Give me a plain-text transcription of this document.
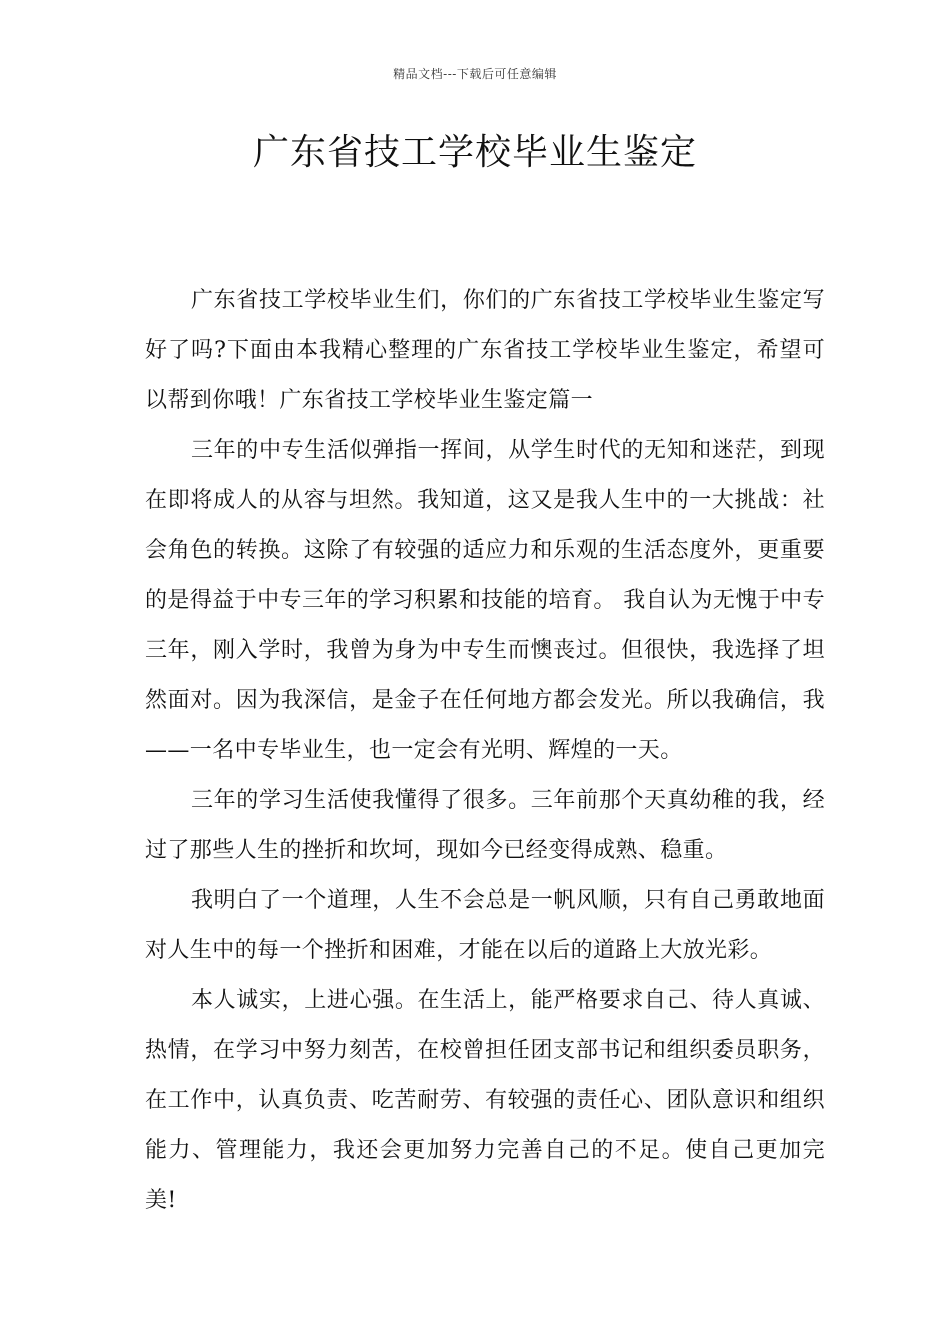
精品文档---下载后可任意编辑
广东省技工学校毕业生鉴定

广东省技工学校毕业生们，你们的广东省技工学校毕业生鉴定写好了吗?下面由本我精心整理的广东省技工学校毕业生鉴定，希望可以帮到你哦！广东省技工学校毕业生鉴定篇一

三年的中专生活似弹指一挥间，从学生时代的无知和迷茫，到现在即将成人的从容与坦然。我知道，这又是我人生中的一大挑战：社会角色的转换。这除了有较强的适应力和乐观的生活态度外，更重要的是得益于中专三年的学习积累和技能的培育。 我自认为无愧于中专三年，刚入学时，我曾为身为中专生而懊丧过。但很快，我选择了坦然面对。因为我深信，是金子在任何地方都会发光。所以我确信，我——一名中专毕业生，也一定会有光明、辉煌的一天。

三年的学习生活使我懂得了很多。三年前那个天真幼稚的我，经过了那些人生的挫折和坎坷，现如今已经变得成熟、稳重。

我明白了一个道理，人生不会总是一帆风顺，只有自己勇敢地面对人生中的每一个挫折和困难，才能在以后的道路上大放光彩。

本人诚实，上进心强。在生活上，能严格要求自己、待人真诚、热情，在学习中努力刻苦，在校曾担任团支部书记和组织委员职务，在工作中，认真负责、吃苦耐劳、有较强的责任心、团队意识和组织能力、管理能力，我还会更加努力完善自己的不足。使自己更加完美!
